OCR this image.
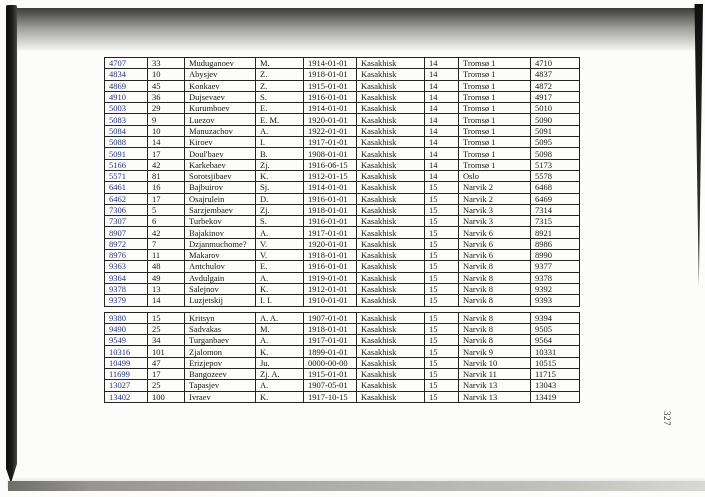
4707	33	Muduganoev	M.	1914-01-01	Kasakhisk	14	Tromsø 1	4710
4834	10	Abysjev	Z.	1918-01-01	Kasakhisk	14	Tromsø 1	4837
4869	45	Konkaev	Z.	1915-01-01	Kasakhisk	14	Tromsø 1	4872
4910	36	Dujsevaev	S.	1916-01-01	Kasakhisk	14	Tromsø 1	4917
5003	29	Kurumboev	E.	1914-01-01	Kasakhisk	14	Tromsø 1	5010
5083	9	Luezov	E. M.	1920-01-01	Kasakhisk	14	Tromsø 1	5090
5084	10	Manuzachov	A.	1922-01-01	Kasakhisk	14	Tromsø 1	5091
5088	14	Kiroev	I.	1917-01-01	Kasakhisk	14	Tromsø 1	5095
5091	17	Doul'baev	B.	1908-01-01	Kasakhisk	14	Tromsø 1	5098
5166	42	Karkebaev	Zj.	1916-06-15	Kasakhisk	14	Tromsø 1	5173
5571	81	Sorotsjibaev	K.	1912-01-15	Kasakhisk	14	Oslo	5578
6461	16	Bajbuirov	Sj.	1914-01-01	Kasakhisk	15	Narvik 2	6468
6462	17	Osajrulein	D.	1916-01-01	Kasakhisk	15	Narvik 2	6469
7306	5	Sarzjembaev	Zj.	1918-01-01	Kasakhisk	15	Narvik 3	7314
7307	6	Turbekov	S.	1916-01-01	Kasakhisk	15	Narvik 3	7315
8907	42	Bajakinov	A.	1917-01-01	Kasakhisk	15	Narvik 6	8921
8972	7	Dzjanmuchome?	V.	1920-01-01	Kasakhisk	15	Narvik 6	8986
8976	11	Makarov	V.	1918-01-01	Kasakhisk	15	Narvik 6	8990
9363	48	Antchulov	E.	1916-01-01	Kasakhisk	15	Narvik 8	9377
9364	49	Avdulgain	A.	1919-01-01	Kasakhisk	15	Narvik 8	9378
9378	13	Salejnov	K.	1912-01-01	Kasakhisk	15	Narvik 8	9392
9379	14	Luzjetskij	I. I.	1910-01-01	Kasakhisk	15	Narvik 8	9393
9380	15	Kritsyn	A. A.	1907-01-01	Kasakhisk	15	Narvik 8	9394
9490	25	Sadvakas	M.	1918-01-01	Kasakhisk	15	Narvik 8	9505
9549	34	Turganbaev	A.	1917-01-01	Kasakhisk	15	Narvik 8	9564
10316	101	Zjalomon	K.	1899-01-01	Kasakhisk	15	Narvik 9	10331
10499	47	Erizjepov	Ju.	0000-00-00	Kasakhisk	15	Narvik 10	10515
11699	17	Bangozeev	Zj. A.	1915-01-01	Kasakhisk	15	Narvik 11	11715
13027	25	Tapasjev	A.	1907-05-01	Kasakhisk	15	Narvik 13	13043
13402	100	Ivraev	K.	1917-10-15	Kasakhisk	15	Narvik 13	13419
327
